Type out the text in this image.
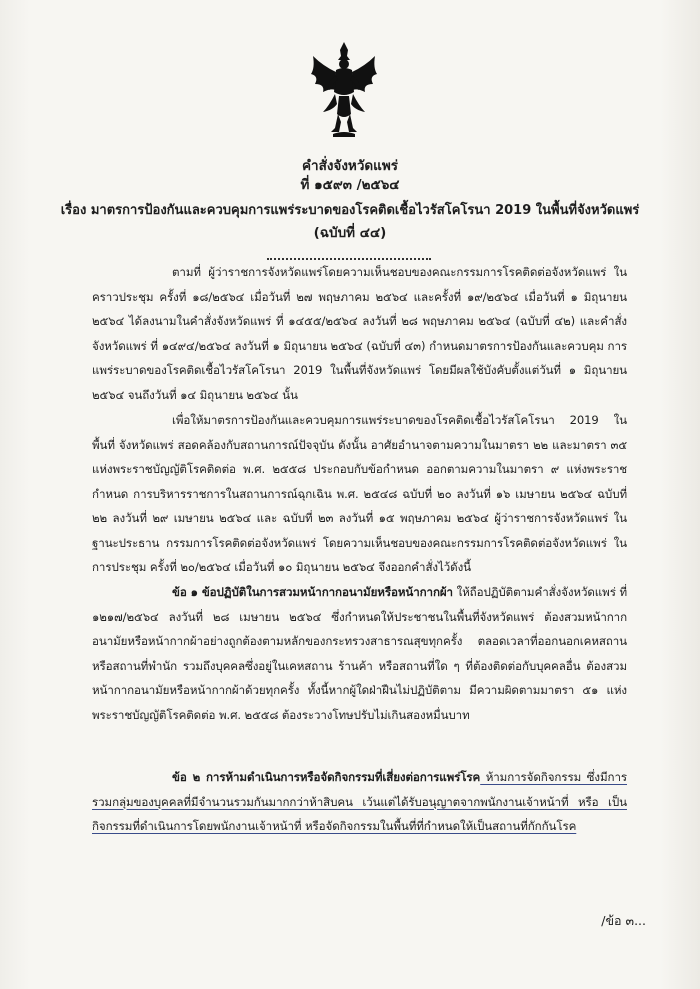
คำสั่งจังหวัดแพร่
ที่ ๑๕๙๓ /๒๕๖๔
เรื่อง มาตรการป้องกันและควบคุมการแพร่ระบาดของโรคติดเชื้อไวรัสโคโรนา 2019 ในพื้นที่จังหวัดแพร่
(ฉบับที่ ๔๔)
ตามที่ ผู้ว่าราชการจังหวัดแพร่โดยความเห็นชอบของคณะกรรมการโรคติดต่อจังหวัดแพร่ ในคราวประชุม ครั้งที่ ๑๘/๒๕๖๔ เมื่อวันที่ ๒๗ พฤษภาคม ๒๕๖๔ และครั้งที่ ๑๙/๒๕๖๔ เมื่อวันที่ ๑ มิถุนายน ๒๕๖๔ ได้ลงนามในคำสั่งจังหวัดแพร่ ที่ ๑๔๕๕/๒๕๖๔ ลงวันที่ ๒๘ พฤษภาคม ๒๕๖๔ (ฉบับที่ ๔๒) และคำสั่ง จังหวัดแพร่ ที่ ๑๔๙๔/๒๕๖๔ ลงวันที่ ๑ มิถุนายน ๒๕๖๔ (ฉบับที่ ๔๓) กำหนดมาตรการป้องกันและควบคุม การแพร่ระบาดของโรคติดเชื้อไวรัสโคโรนา 2019 ในพื้นที่จังหวัดแพร่ โดยมีผลใช้บังคับตั้งแต่วันที่ ๑ มิถุนายน ๒๕๖๔ จนถึงวันที่ ๑๔ มิถุนายน ๒๕๖๔ นั้น
เพื่อให้มาตรการป้องกันและควบคุมการแพร่ระบาดของโรคติดเชื้อไวรัสโคโรนา 2019 ในพื้นที่ จังหวัดแพร่ สอดคล้องกับสถานการณ์ปัจจุบัน ดังนั้น อาศัยอำนาจตามความในมาตรา ๒๒ และมาตรา ๓๕ แห่งพระราชบัญญัติโรคติดต่อ พ.ศ. ๒๕๕๘ ประกอบกับข้อกำหนด ออกตามความในมาตรา ๙ แห่งพระราชกำหนด การบริหารราชการในสถานการณ์ฉุกเฉิน พ.ศ. ๒๕๔๘ ฉบับที่ ๒๐ ลงวันที่ ๑๖ เมษายน ๒๕๖๔ ฉบับที่ ๒๒ ลงวันที่ ๒๙ เมษายน ๒๕๖๔ และ ฉบับที่ ๒๓ ลงวันที่ ๑๕ พฤษภาคม ๒๕๖๔ ผู้ว่าราชการจังหวัดแพร่ ในฐานะประธาน กรรมการโรคติดต่อจังหวัดแพร่ โดยความเห็นชอบของคณะกรรมการโรคติดต่อจังหวัดแพร่ ในการประชุม ครั้งที่ ๒๐/๒๕๖๔ เมื่อวันที่ ๑๐ มิถุนายน ๒๕๖๔ จึงออกคำสั่งไว้ดังนี้
ข้อ ๑ ข้อปฏิบัติในการสวมหน้ากากอนามัยหรือหน้ากากผ้า ให้ถือปฏิบัติตามคำสั่งจังหวัดแพร่ ที่ ๑๒๑๗/๒๕๖๔ ลงวันที่ ๒๘ เมษายน ๒๕๖๔ ซึ่งกำหนดให้ประชาชนในพื้นที่จังหวัดแพร่ ต้องสวมหน้ากาก อนามัยหรือหน้ากากผ้าอย่างถูกต้องตามหลักของกระทรวงสาธารณสุขทุกครั้ง ตลอดเวลาที่ออกนอกเคหสถาน หรือสถานที่พำนัก รวมถึงบุคคลซึ่งอยู่ในเคหสถาน ร้านค้า หรือสถานที่ใด ๆ ที่ต้องติดต่อกับบุคคลอื่น ต้องสวม หน้ากากอนามัยหรือหน้ากากผ้าด้วยทุกครั้ง ทั้งนี้หากผู้ใดฝ่าฝืนไม่ปฏิบัติตาม มีความผิดตามมาตรา ๕๑ แห่งพระราชบัญญัติโรคติดต่อ พ.ศ. ๒๕๕๘ ต้องระวางโทษปรับไม่เกินสองหมื่นบาท
ข้อ ๒ การห้ามดำเนินการหรือจัดกิจกรรมที่เสี่ยงต่อการแพร่โรค ห้ามการจัดกิจกรรม ซึ่งมีการรวมกลุ่มของบุคคลที่มีจำนวนรวมกันมากกว่าห้าสิบคน เว้นแต่ได้รับอนุญาตจากพนักงานเจ้าหน้าที่ หรือ เป็นกิจกรรมที่ดำเนินการโดยพนักงานเจ้าหน้าที่ หรือจัดกิจกรรมในพื้นที่ที่กำหนดให้เป็นสถานที่กักกันโรค
/ข้อ ๓...
